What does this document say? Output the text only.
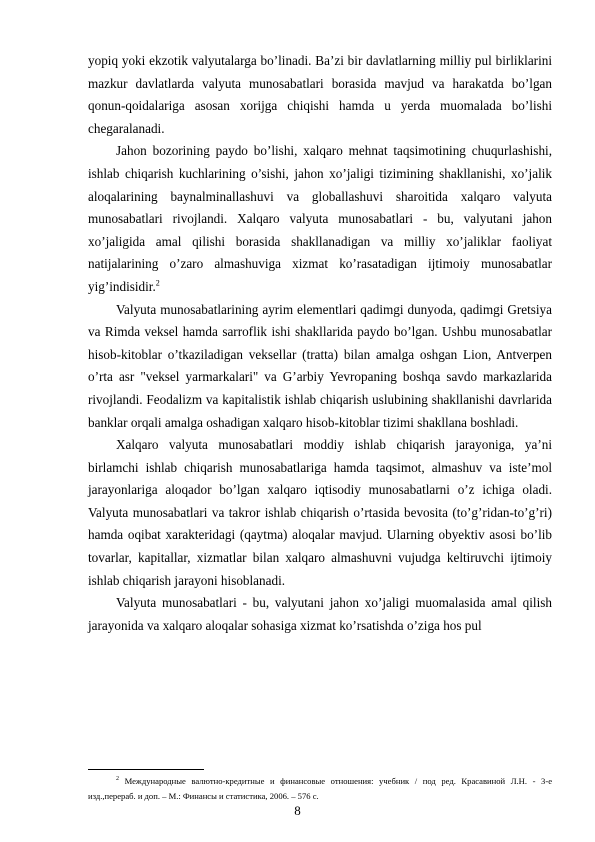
yopiq yoki ekzotik valyutalarga bo’linadi. Ba’zi bir davlatlarning milliy pul birliklarini mazkur davlatlarda valyuta munosabatlari borasida mavjud va harakatda bo’lgan qonun-qoidalariga asosan xorijga chiqishi hamda u yerda muomalada bo’lishi chegaralanadi.

Jahon bozorining paydo bo’lishi, xalqaro mehnat taqsimotining chuqurlashishi, ishlab chiqarish kuchlarining o’sishi, jahon xo’jaligi tizimining shakllanishi, xo’jalik aloqalarining baynalminallashuvi va globallashuvi sharoitida xalqaro valyuta munosabatlari rivojlandi. Xalqaro valyuta munosabatlari - bu, valyutani jahon xo’jaligida amal qilishi borasida shakllanadigan va milliy xo’jaliklar faoliyat natijalarining o’zaro almashuviga xizmat ko’rasatadigan ijtimoiy munosabatlar yig’indisidir.$^2$

Valyuta munosabatlarining ayrim elementlari qadimgi dunyoda, qadimgi Gretsiya va Rimda veksel hamda sarroflik ishi shakllarida paydo bo’lgan. Ushbu munosabatlar hisob-kitoblar o’tkaziladigan veksellar (tratta) bilan amalga oshgan Lion, Antverpen o’rta asr "veksel yarmarkalari" va G’arbiy Yevropaning boshqa savdo markazlarida rivojlandi. Feodalizm va kapitalistik ishlab chiqarish uslubining shakllanishi davrlarida banklar orqali amalga oshadigan xalqaro hisob-kitoblar tizimi shakllana boshladi.

Xalqaro valyuta munosabatlari moddiy ishlab chiqarish jarayoniga, ya’ni birlamchi ishlab chiqarish munosabatlariga hamda taqsimot, almashuv va iste’mol jarayonlariga aloqador bo’lgan xalqaro iqtisodiy munosabatlarni o’z ichiga oladi. Valyuta munosabatlari va takror ishlab chiqarish o’rtasida bevosita (to’g’ridan-to’g’ri) hamda oqibat xarakteridagi (qaytma) aloqalar mavjud. Ularning obyektiv asosi bo’lib tovarlar, kapitallar, xizmatlar bilan xalqaro almashuvni vujudga keltiruvchi ijtimoiy ishlab chiqarish jarayoni hisoblanadi.

Valyuta munosabatlari - bu, valyutani jahon xo’jaligi muomalasida amal qilish jarayonida va xalqaro aloqalar sohasiga xizmat ko’rsatishda o’ziga hos pul

$^2$ Международные валютно-кредитные и финансовые отношения: учебник / под ред. Красавиной Л.Н. - 3-е изд.,перераб. и доп. – М.: Финансы и статистика, 2006. – 576 с.

8
